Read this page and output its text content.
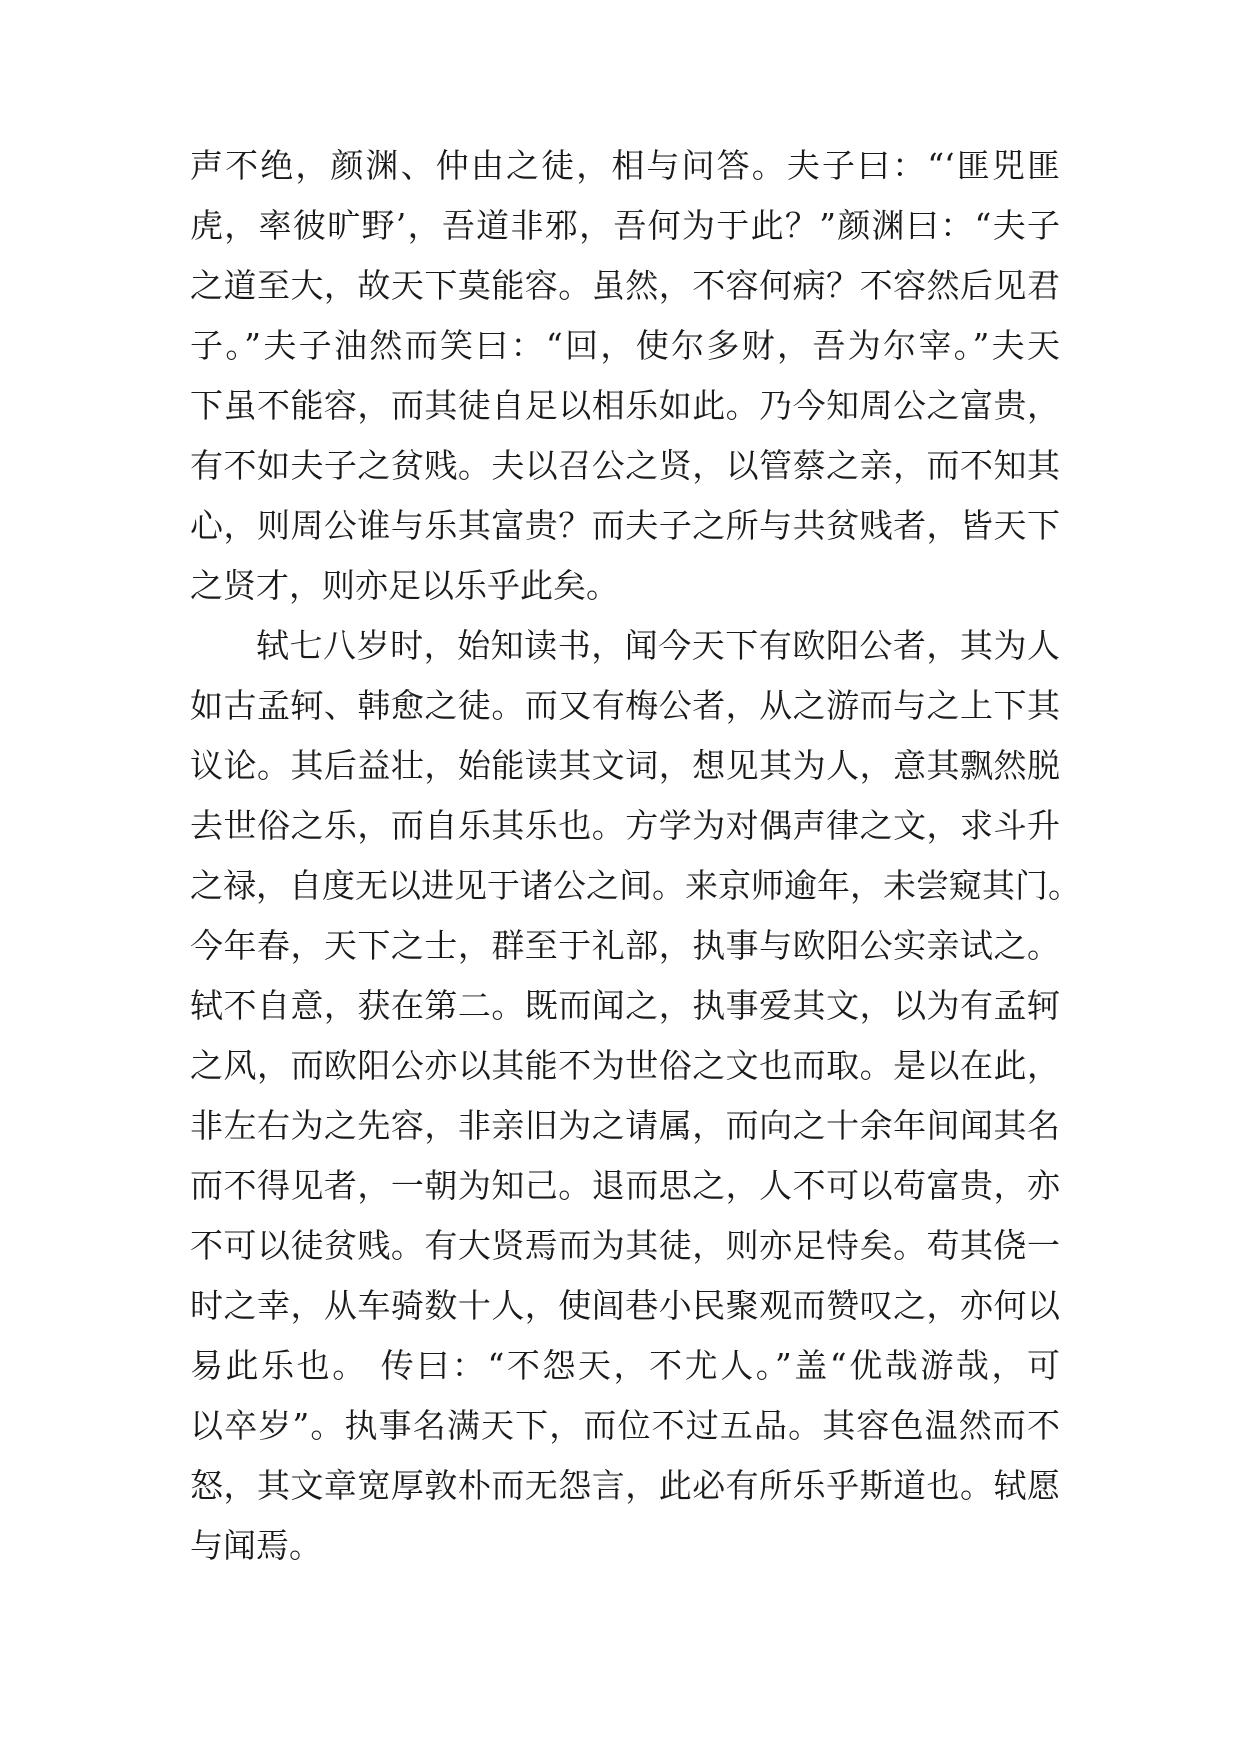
声不绝，颜渊、仲由之徒，相与问答。夫子曰：“‘匪兕匪
虎，率彼旷野’，吾道非邪，吾何为于此？”颜渊曰：“夫子
之道至大，故天下莫能容。虽然，不容何病？不容然后见君
子。”夫子油然而笑曰：“回，使尔多财，吾为尔宰。”夫天
下虽不能容，而其徒自足以相乐如此。乃今知周公之富贵，
有不如夫子之贫贱。夫以召公之贤，以管蔡之亲，而不知其
心，则周公谁与乐其富贵？而夫子之所与共贫贱者，皆天下
之贤才，则亦足以乐乎此矣。
轼七八岁时，始知读书，闻今天下有欧阳公者，其为人
如古孟轲、韩愈之徒。而又有梅公者，从之游而与之上下其
议论。其后益壮，始能读其文词，想见其为人，意其飘然脱
去世俗之乐，而自乐其乐也。方学为对偶声律之文，求斗升
之禄，自度无以进见于诸公之间。来京师逾年，未尝窥其门。
今年春，天下之士，群至于礼部，执事与欧阳公实亲试之。
轼不自意，获在第二。既而闻之，执事爱其文，以为有孟轲
之风，而欧阳公亦以其能不为世俗之文也而取。是以在此，
非左右为之先容，非亲旧为之请属，而向之十余年间闻其名
而不得见者，一朝为知己。退而思之，人不可以苟富贵，亦
不可以徒贫贱。有大贤焉而为其徒，则亦足恃矣。苟其侥一
时之幸，从车骑数十人，使闾巷小民聚观而赞叹之，亦何以
易此乐也。 传曰：“不怨天，不尤人。”盖“优哉游哉，可
以卒岁”。执事名满天下，而位不过五品。其容色温然而不
怒，其文章宽厚敦朴而无怨言，此必有所乐乎斯道也。轼愿
与闻焉。
